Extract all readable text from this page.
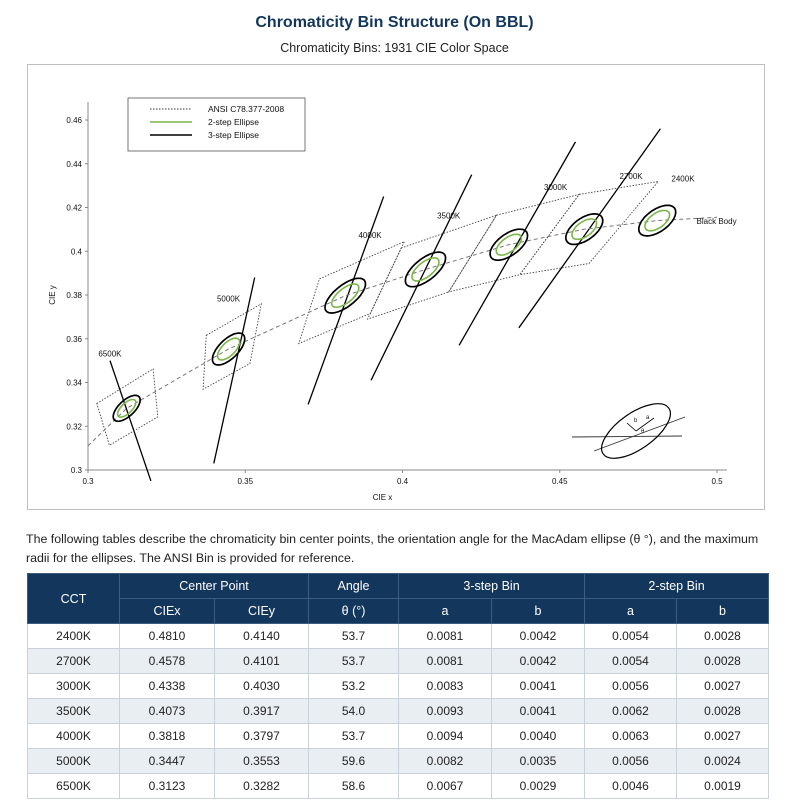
Chromaticity Bin Structure (On BBL)
Chromaticity Bins: 1931 CIE Color Space
0.3
0.32
0.34
0.36
0.38
0.4
0.42
0.44
0.46
0.3	0.35	0.4	0.45	0.5
CIE x
CIE y
6500K
5000K
4000K
3500K
3000K
2700K	2400K
Black Body
ANSI C78.377-2008
2-step Ellipse
3-step Ellipse
a
b
θ
The following tables describe the chromaticity bin center points, the orientation angle for the MacAdam ellipse (θ °), and the maximum radii for the ellipses. The ANSI Bin is provided for reference.
CCT	Center Point		Angle	3-step Bin		2-step Bin	
	CIEx	CIEy	θ (°)	a	b	a	b
2400K	0.4810	0.4140	53.7	0.0081	0.0042	0.0054	0.0028
2700K	0.4578	0.4101	53.7	0.0081	0.0042	0.0054	0.0028
3000K	0.4338	0.4030	53.2	0.0083	0.0041	0.0056	0.0027
3500K	0.4073	0.3917	54.0	0.0093	0.0041	0.0062	0.0028
4000K	0.3818	0.3797	53.7	0.0094	0.0040	0.0063	0.0027
5000K	0.3447	0.3553	59.6	0.0082	0.0035	0.0056	0.0024
6500K	0.3123	0.3282	58.6	0.0067	0.0029	0.0046	0.0019
